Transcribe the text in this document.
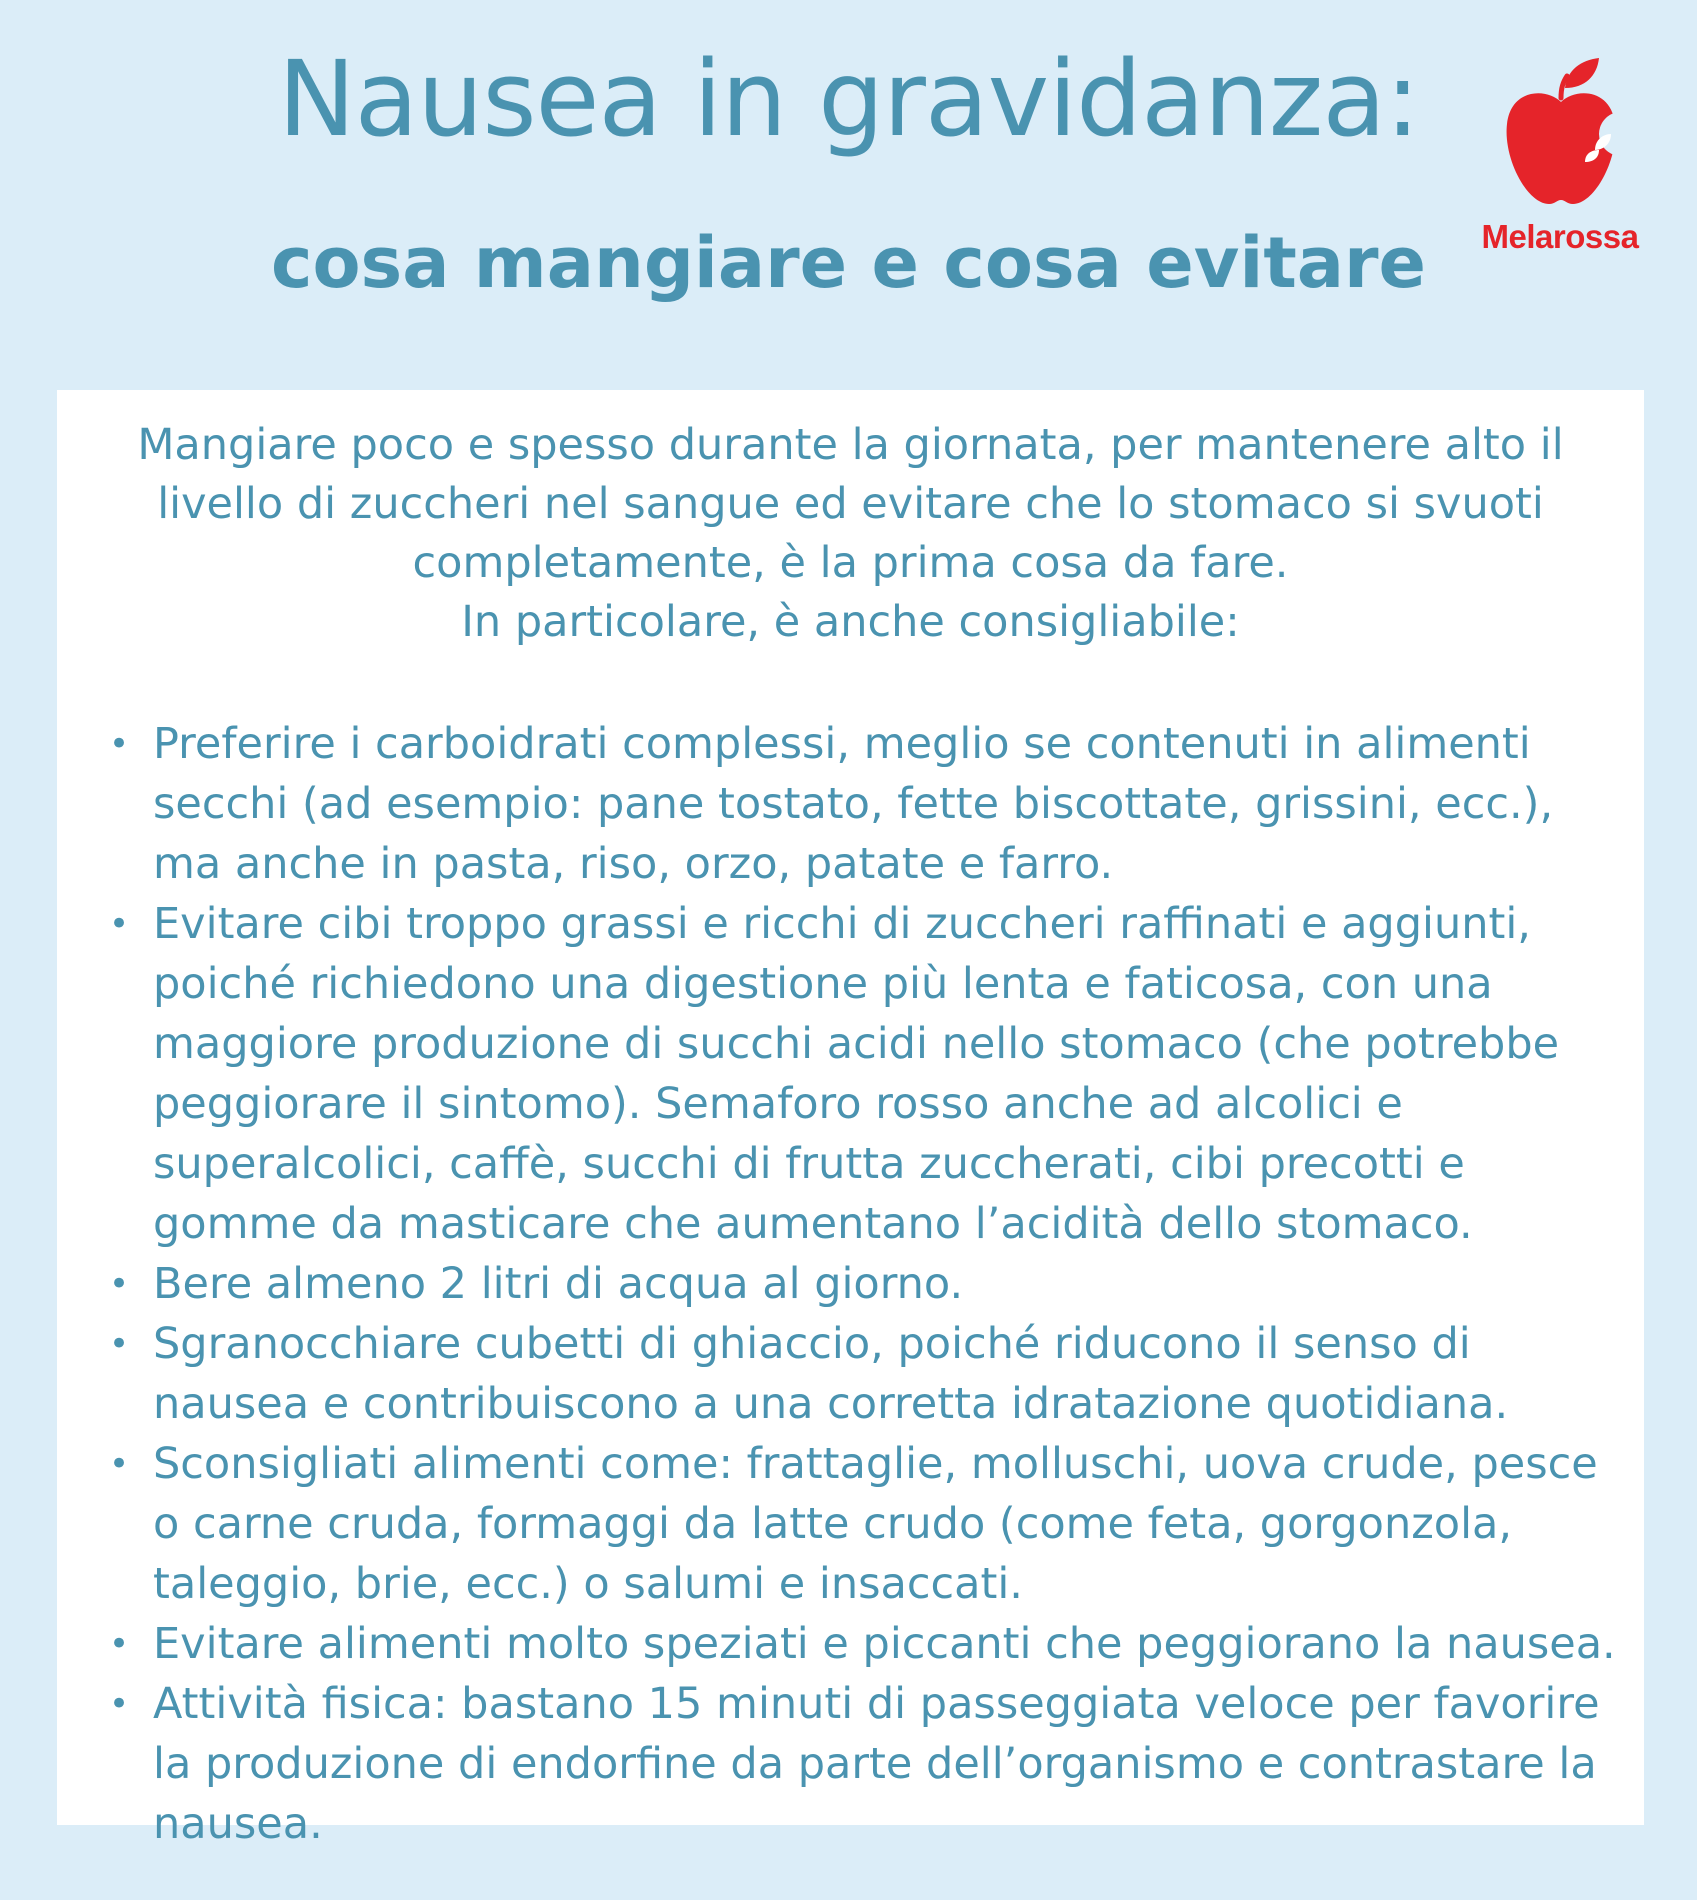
Nausea in gravidanza:
cosa mangiare e cosa evitare	Melarossa

Mangiare poco e spesso durante la giornata, per mantenere alto il livello di zuccheri nel sangue ed evitare che lo stomaco si svuoti completamente, è la prima cosa da fare.

In particolare, è anche consigliabile:

• Preferire i carboidrati complessi, meglio se contenuti in alimenti secchi (ad esempio: pane tostato, fette biscottate, grissini, ecc.), ma anche in pasta, riso, orzo, patate e farro.
• Evitare cibi troppo grassi e ricchi di zuccheri raffinati e aggiunti, poiché richiedono una digestione più lenta e faticosa, con una maggiore produzione di succhi acidi nello stomaco (che potrebbe peggiorare il sintomo). Semaforo rosso anche ad alcolici e superalcolici, caffè, succhi di frutta zuccherati, cibi precotti e gomme da masticare che aumentano l’acidità dello stomaco.
• Bere almeno 2 litri di acqua al giorno.
• Sgranocchiare cubetti di ghiaccio, poiché riducono il senso di nausea e contribuiscono a una corretta idratazione quotidiana.
• Sconsigliati alimenti come: frattaglie, molluschi, uova crude, pesce o carne cruda, formaggi da latte crudo (come feta, gorgonzola, taleggio, brie, ecc.) o salumi e insaccati.
• Evitare alimenti molto speziati e piccanti che peggiorano la nausea.
• Attività fisica: bastano 15 minuti di passeggiata veloce per favorire la produzione di endorfine da parte dell’organismo e contrastare la nausea.
